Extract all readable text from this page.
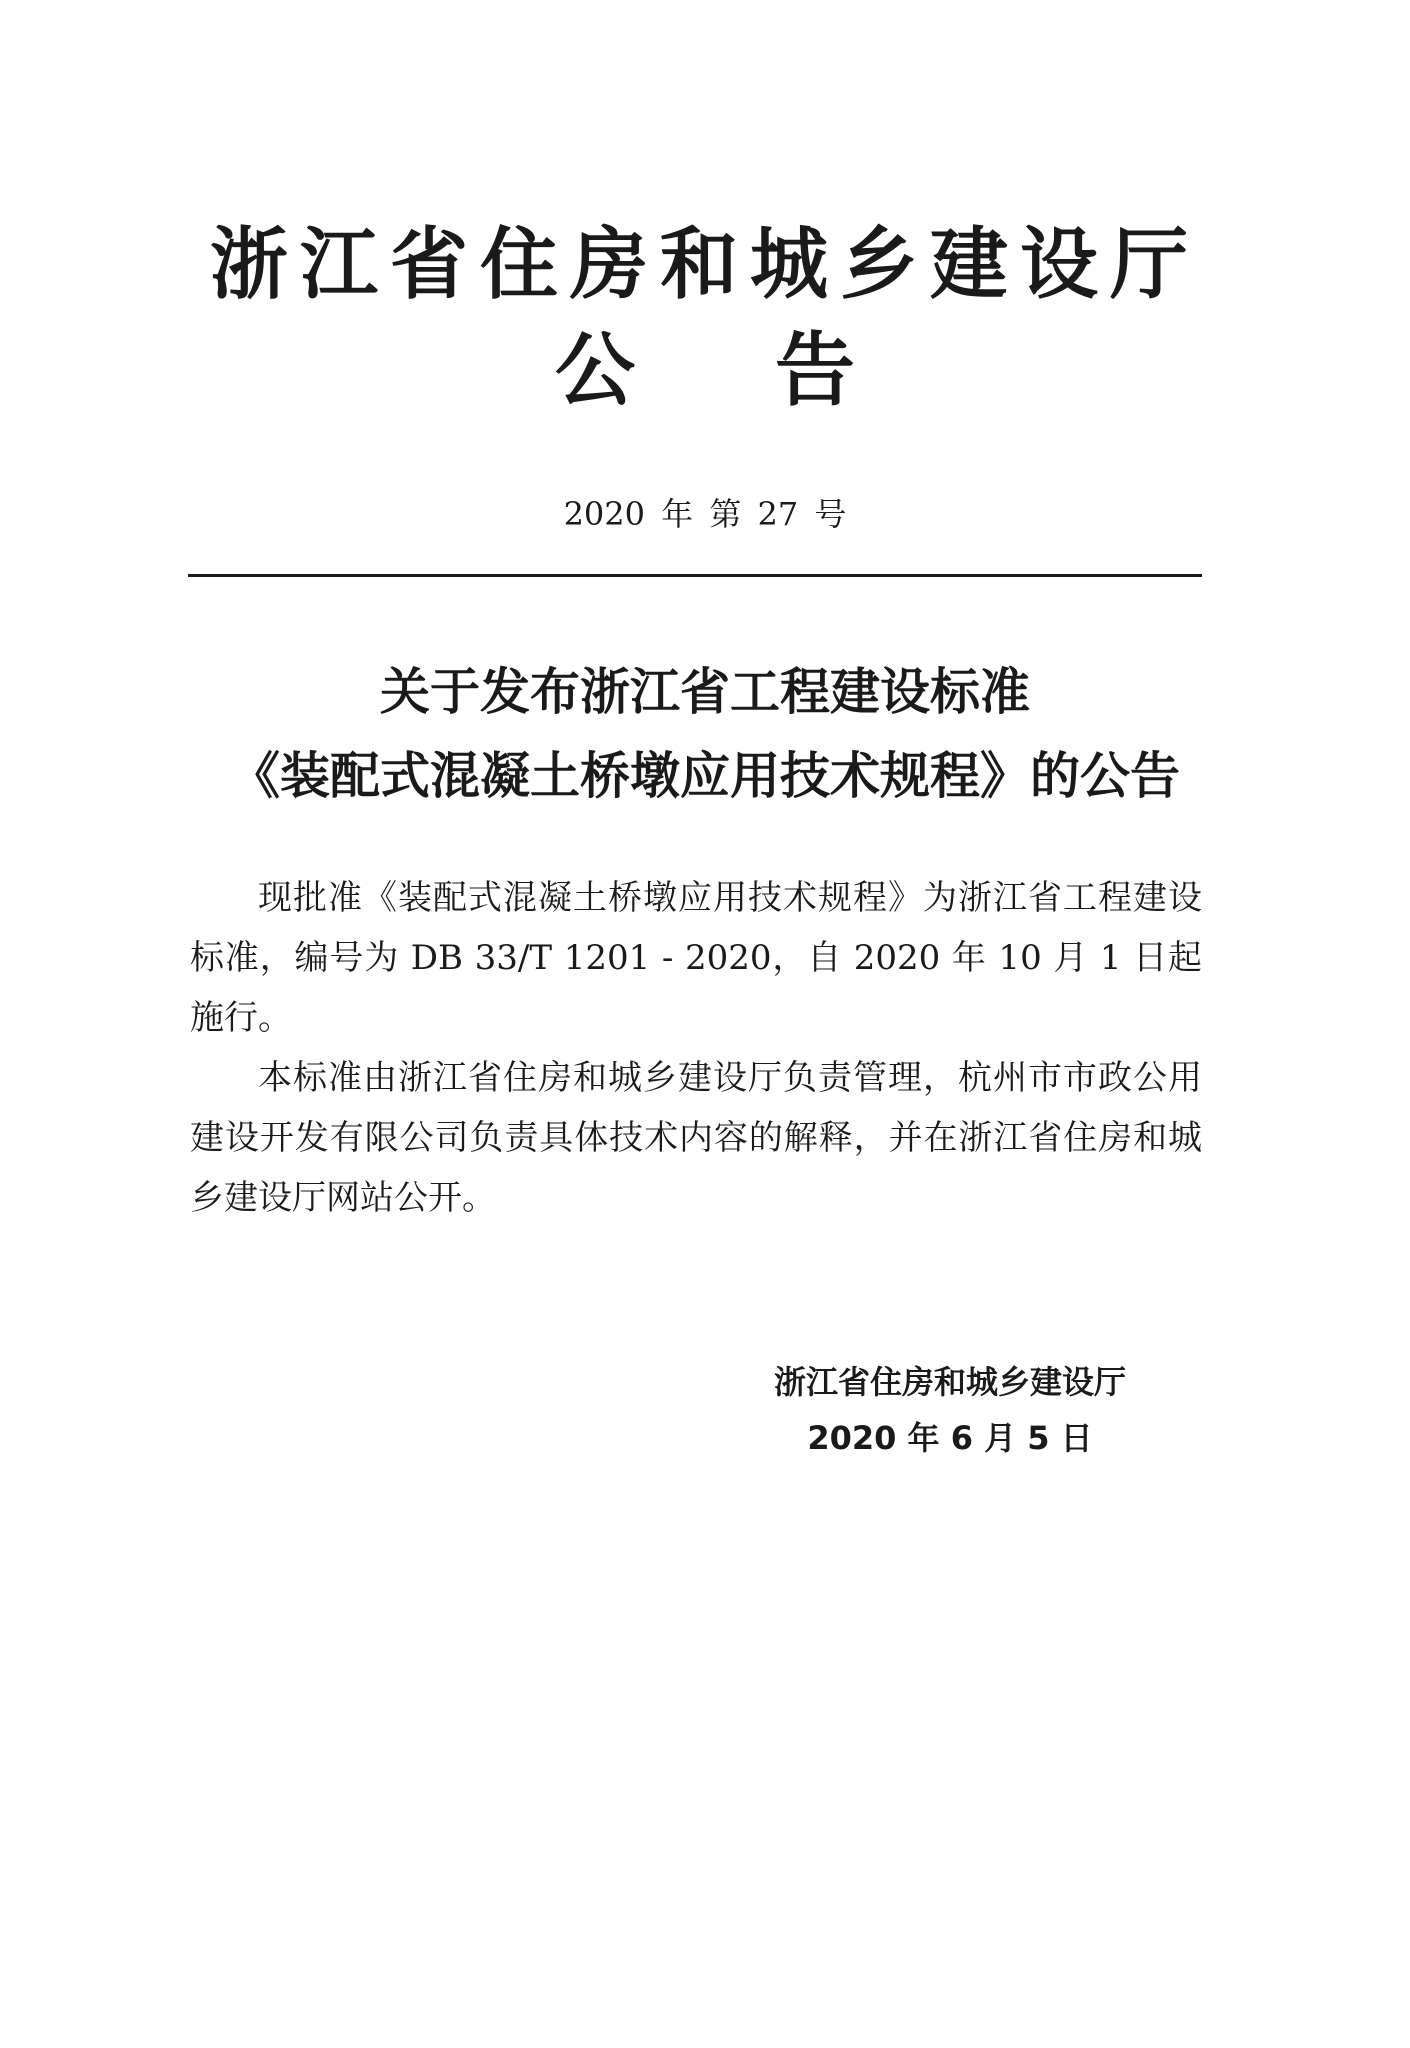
浙江省住房和城乡建设厅
公告
2020 年 第 27 号
关于发布浙江省工程建设标准
《装配式混凝土桥墩应用技术规程》的公告

现批准《装配式混凝土桥墩应用技术规程》为浙江省工程建设标准，编号为 DB 33/T 1201 - 2020，自 2020 年 10 月 1 日起施行。

本标准由浙江省住房和城乡建设厅负责管理，杭州市市政公用建设开发有限公司负责具体技术内容的解释，并在浙江省住房和城乡建设厅网站公开。

浙江省住房和城乡建设厅
2020 年 6 月 5 日
